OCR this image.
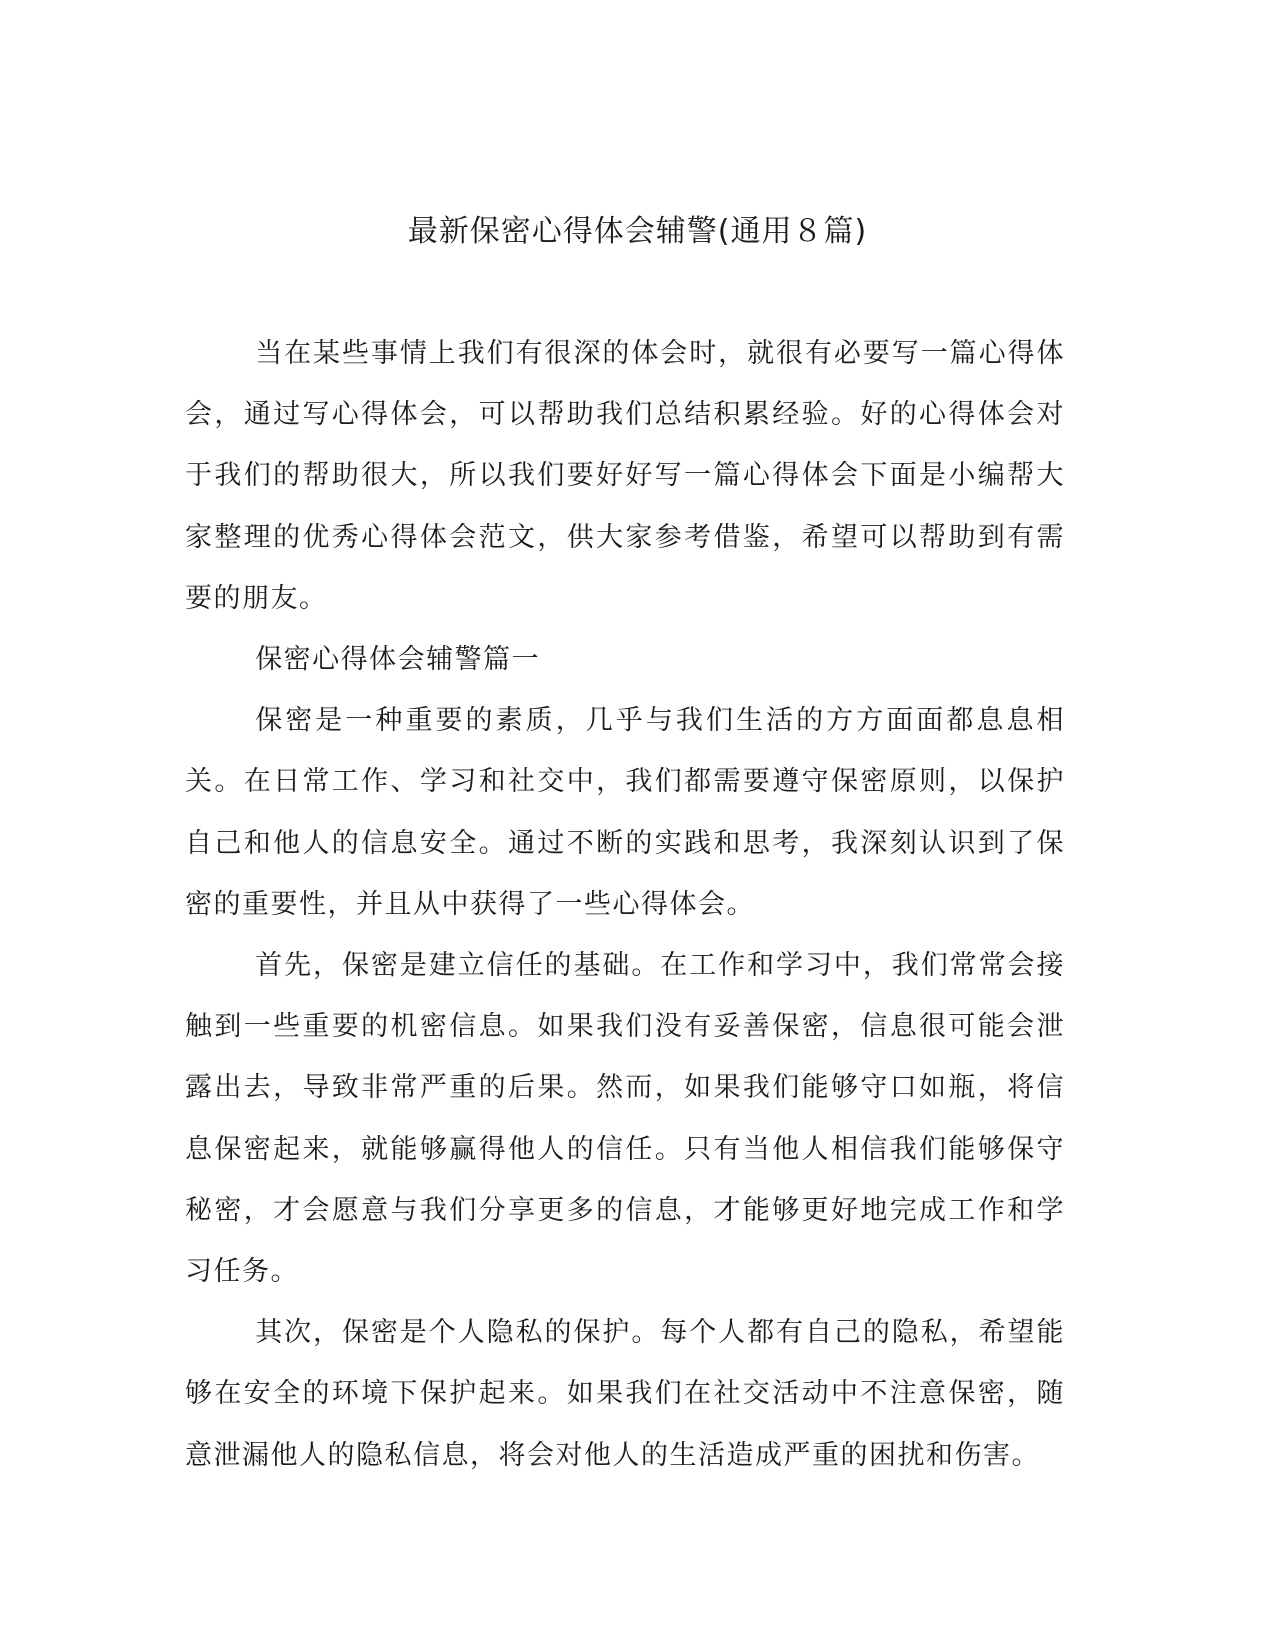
最新保密心得体会辅警(通用８篇)

当在某些事情上我们有很深的体会时，就很有必要写一篇心得体会，通过写心得体会，可以帮助我们总结积累经验。好的心得体会对于我们的帮助很大，所以我们要好好写一篇心得体会下面是小编帮大家整理的优秀心得体会范文，供大家参考借鉴，希望可以帮助到有需要的朋友。

保密心得体会辅警篇一

保密是一种重要的素质，几乎与我们生活的方方面面都息息相关。在日常工作、学习和社交中，我们都需要遵守保密原则，以保护自己和他人的信息安全。通过不断的实践和思考，我深刻认识到了保密的重要性，并且从中获得了一些心得体会。

首先，保密是建立信任的基础。在工作和学习中，我们常常会接触到一些重要的机密信息。如果我们没有妥善保密，信息很可能会泄露出去，导致非常严重的后果。然而，如果我们能够守口如瓶，将信息保密起来，就能够赢得他人的信任。只有当他人相信我们能够保守秘密，才会愿意与我们分享更多的信息，才能够更好地完成工作和学习任务。

其次，保密是个人隐私的保护。每个人都有自己的隐私，希望能够在安全的环境下保护起来。如果我们在社交活动中不注意保密，随意泄漏他人的隐私信息，将会对他人的生活造成严重的困扰和伤害。
